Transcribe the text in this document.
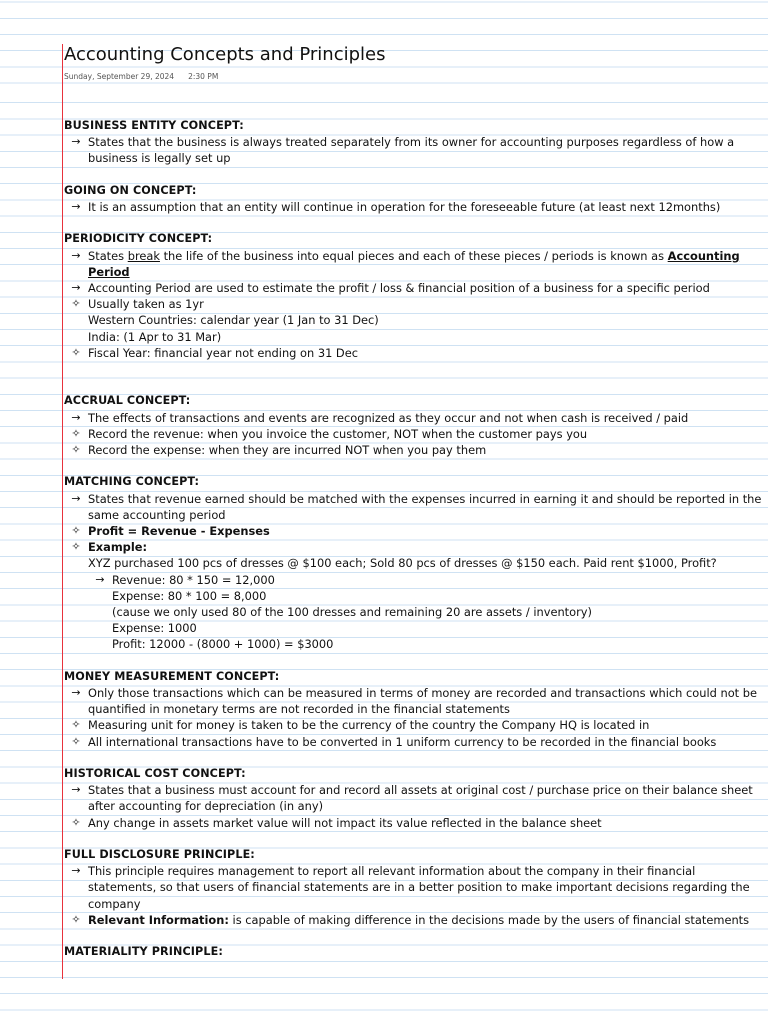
Accounting Concepts and Principles
Sunday, September 29, 2024 2:30 PM
BUSINESS ENTITY CONCEPT:
→ States that the business is always treated separately from its owner for accounting purposes regardless of how a business is legally set up
GOING ON CONCEPT:
→ It is an assumption that an entity will continue in operation for the foreseeable future (at least next 12months)
PERIODICITY CONCEPT:
→ States break the life of the business into equal pieces and each of these pieces / periods is known as Accounting Period
→ Accounting Period are used to estimate the profit / loss & financial position of a business for a specific period
✧ Usually taken as 1yr
Western Countries: calendar year (1 Jan to 31 Dec)
India: (1 Apr to 31 Mar)
✧ Fiscal Year: financial year not ending on 31 Dec
ACCRUAL CONCEPT:
→ The effects of transactions and events are recognized as they occur and not when cash is received / paid
✧ Record the revenue: when you invoice the customer, NOT when the customer pays you
✧ Record the expense: when they are incurred NOT when you pay them
MATCHING CONCEPT:
→ States that revenue earned should be matched with the expenses incurred in earning it and should be reported in the same accounting period
✧ Profit = Revenue - Expenses
✧ Example:
XYZ purchased 100 pcs of dresses @ $100 each; Sold 80 pcs of dresses @ $150 each. Paid rent $1000, Profit?
→ Revenue: 80 * 150 = 12,000
Expense: 80 * 100 = 8,000
(cause we only used 80 of the 100 dresses and remaining 20 are assets / inventory)
Expense: 1000
Profit: 12000 - (8000 + 1000) = $3000
MONEY MEASUREMENT CONCEPT:
→ Only those transactions which can be measured in terms of money are recorded and transactions which could not be quantified in monetary terms are not recorded in the financial statements
✧ Measuring unit for money is taken to be the currency of the country the Company HQ is located in
✧ All international transactions have to be converted in 1 uniform currency to be recorded in the financial books
HISTORICAL COST CONCEPT:
→ States that a business must account for and record all assets at original cost / purchase price on their balance sheet after accounting for depreciation (in any)
✧ Any change in assets market value will not impact its value reflected in the balance sheet
FULL DISCLOSURE PRINCIPLE:
→ This principle requires management to report all relevant information about the company in their financial statements, so that users of financial statements are in a better position to make important decisions regarding the company
✧ Relevant Information: is capable of making difference in the decisions made by the users of financial statements
MATERIALITY PRINCIPLE:
